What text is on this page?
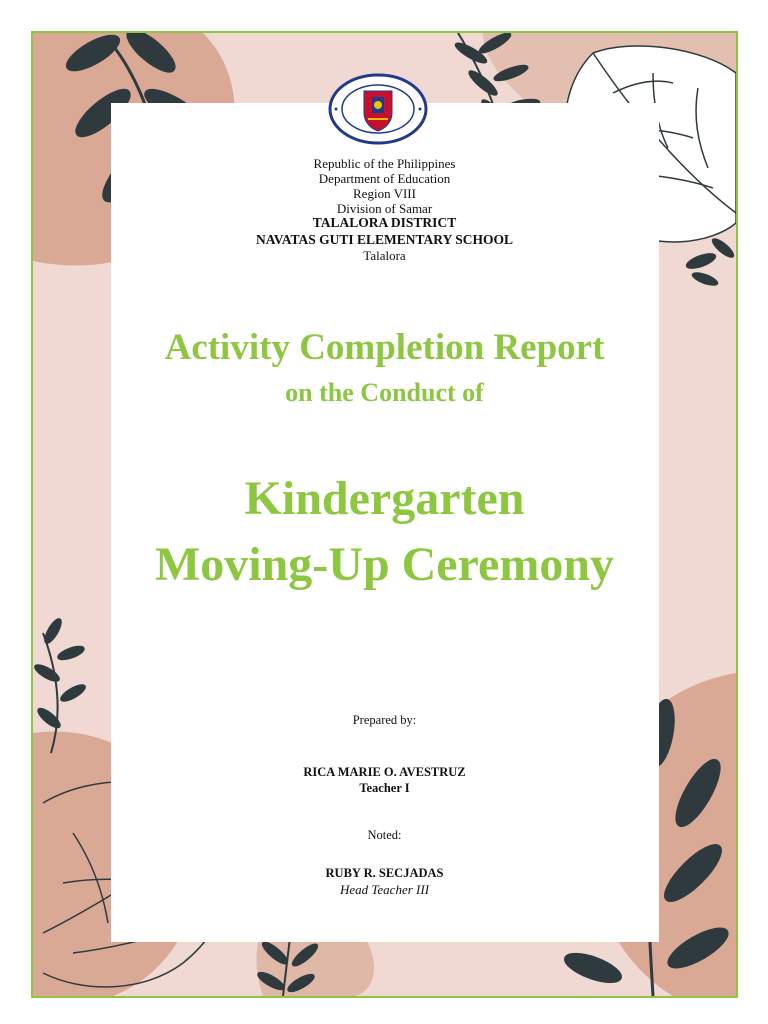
Republic of the Philippines
Department of Education
Region VIII
Division of Samar
TALALORA DISTRICT
NAVATAS GUTI ELEMENTARY SCHOOL
Talalora
Activity Completion Report
on the Conduct of
Kindergarten
Moving-Up Ceremony
Prepared by:
RICA MARIE O. AVESTRUZ
Teacher I
Noted:
RUBY R. SECJADAS
Head Teacher III
